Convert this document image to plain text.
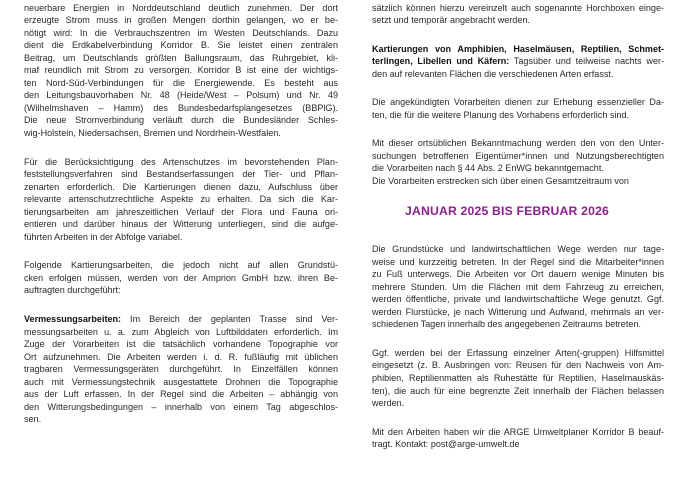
neuerbare Energien in Norddeutschland deutlich zunehmen. Der dort
erzeugte Strom muss in großen Mengen dorthin gelangen, wo er be-
nötigt wird: In die Verbrauchszentren im Westen Deutschlands. Dazu
dient die Erdkabelverbindung Korridor B. Sie leistet einen zentralen
Beitrag, um Deutschlands größten Ballungsraum, das Ruhrgebiet, kli-
maf reundlich mit Strom zu versorgen. Korridor B ist eine der wichtigs-
ten Nord-Süd-Verbindungen für die Energiewende. Es besteht aus
den Leitungsbauvorhaben Nr. 48 (Heide/West – Polsum) und Nr. 49
(Wilhelmshaven – Hamm) des Bundesbedarfsplangesetzes (BBPlG).
Die neue Stromverbindung verläuft durch die Bundesländer Schles-
wig-Holstein, Niedersachsen, Bremen und Nordrhein-Westfalen.
Für die Berücksichtigung des Artenschutzes im bevorstehenden Plan-
feststellungsverfahren sind Bestandserfassungen der Tier- und Pflan-
zenarten erforderlich. Die Kartierungen dienen dazu, Aufschluss über
relevante artenschutzrechtliche Aspekte zu erhalten. Da sich die Kar-
tierungsarbeiten am jahreszeitlichen Verlauf der Flora und Fauna ori-
entieren und darüber hinaus der Witterung unterliegen, sind die aufge-
führten Arbeiten in der Abfolge variabel.
Folgende Kartierungsarbeiten, die jedoch nicht auf allen Grundstü-
cken erfolgen müssen, werden von der Amprion GmbH bzw. ihren Be-
auftragten durchgeführt:
Vermessungsarbeiten: Im Bereich der geplanten Trasse sind Ver-
messungsarbeiten u. a. zum Abgleich von Luftbilddaten erforderlich. Im
Zuge der Vorarbeiten ist die tatsächlich vorhandene Topographie vor
Ort aufzunehmen. Die Arbeiten werden i. d. R. fußläufig mit üblichen
tragbaren Vermessungsgeräten durchgeführt. In Einzelfällen können
auch mit Vermessungstechnik ausgestattete Drohnen die Topographie
aus der Luft erfassen. In der Regel sind die Arbeiten – abhängig von
den Witterungsbedingungen – innerhalb von einem Tag abgeschlos-
sen.

sätzlich können hierzu vereinzelt auch sogenannte Horchboxen einge-
setzt und temporär angebracht werden.
Kartierungen von Amphibien, Haselmäusen, Reptilien, Schmet-
terlingen, Libellen und Käfern: Tagsüber und teilweise nachts wer-
den auf relevanten Flächen die verschiedenen Arten erfasst.
Die angekündigten Vorarbeiten dienen zur Erhebung essenzieller Da-
ten, die für die weitere Planung des Vorhabens erforderlich sind.
Mit dieser ortsüblichen Bekanntmachung werden den von den Unter-
suchungen betroffenen Eigentümer*innen und Nutzungsberechtigten
die Vorarbeiten nach § 44 Abs. 2 EnWG bekanntgemacht.
Die Vorarbeiten erstrecken sich über einen Gesamtzeitraum von
JANUAR 2025 BIS FEBRUAR 2026
Die Grundstücke und landwirtschaftlichen Wege werden nur tage-
weise und kurzzeitig betreten. In der Regel sind die Mitarbeiter*innen
zu Fuß unterwegs. Die Arbeiten vor Ort dauern wenige Minuten bis
mehrere Stunden. Um die Flächen mit dem Fahrzeug zu erreichen,
werden öffentliche, private und landwirtschaftliche Wege genutzt. Ggf.
werden Flurstücke, je nach Witterung und Aufwand, mehrmals an ver-
schiedenen Tagen innerhalb des angegebenen Zeitraums betreten.
Ggf. werden bei der Erfassung einzelner Arten(-gruppen) Hilfsmittel
eingesetzt (z. B. Ausbringen von: Reusen für den Nachweis von Am-
phibien, Reptilienmatten als Ruhestätte für Reptilien, Haselmauskäs-
ten), die auch für eine begrenzte Zeit innerhalb der Flächen belassen
werden.
Mit den Arbeiten haben wir die ARGE Umweltplaner Korridor B beauf-
tragt. Kontakt: post@arge-umwelt.de
